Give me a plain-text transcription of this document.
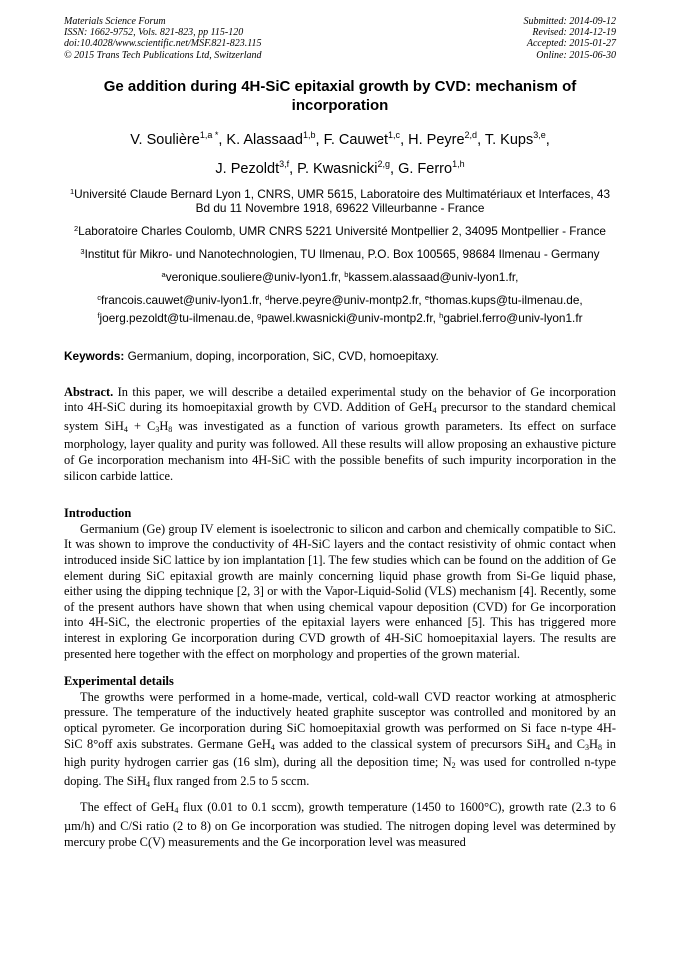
Materials Science Forum
ISSN: 1662-9752, Vols. 821-823, pp 115-120
doi:10.4028/www.scientific.net/MSF.821-823.115
© 2015 Trans Tech Publications Ltd, Switzerland
Submitted: 2014-09-12
Revised: 2014-12-19
Accepted: 2015-01-27
Online: 2015-06-30
Ge addition during 4H-SiC epitaxial growth by CVD: mechanism of incorporation
V. Soulière$^{1,a *}$, K. Alassaad$^{1,b}$, F. Cauwet$^{1,c}$, H. Peyre$^{2,d}$, T. Kups$^{3,e}$,
J. Pezoldt$^{3,f}$, P. Kwasnicki$^{2,g}$, G. Ferro$^{1,h}$
$^1$Université Claude Bernard Lyon 1, CNRS, UMR 5615, Laboratoire des Multimatériaux et Interfaces, 43 Bd du 11 Novembre 1918, 69622 Villeurbanne - France
$^2$Laboratoire Charles Coulomb, UMR CNRS 5221 Université Montpellier 2, 34095 Montpellier - France
$^3$Institut für Mikro- und Nanotechnologien, TU Ilmenau, P.O. Box 100565, 98684 Ilmenau - Germany
$^a$veronique.souliere@univ-lyon1.fr, $^b$kassem.alassaad@univ-lyon1.fr,
$^c$francois.cauwet@univ-lyon1.fr, $^d$herve.peyre@univ-montp2.fr, $^e$thomas.kups@tu-ilmenau.de,
$^f$joerg.pezoldt@tu-ilmenau.de, $^g$pawel.kwasnicki@univ-montp2.fr, $^h$gabriel.ferro@univ-lyon1.fr
Keywords: Germanium, doping, incorporation, SiC, CVD, homoepitaxy.
Abstract. In this paper, we will describe a detailed experimental study on the behavior of Ge incorporation into 4H-SiC during its homoepitaxial growth by CVD. Addition of GeH$_4$ precursor to the standard chemical system $SiH_4 + C_3H_8$ was investigated as a function of various growth parameters. Its effect on surface morphology, layer quality and purity was followed. All these results will allow proposing an exhaustive picture of Ge incorporation mechanism into 4H-SiC with the possible benefits of such impurity incorporation in the silicon carbide lattice.
Introduction

Germanium (Ge) group IV element is isoelectronic to silicon and carbon and chemically compatible to SiC. It was shown to improve the conductivity of 4H-SiC layers and the contact resistivity of ohmic contact when introduced inside SiC lattice by ion implantation [1]. The few studies which can be found on the addition of Ge element during SiC epitaxial growth are mainly concerning liquid phase growth from Si-Ge liquid phase, either using the dipping technique [2, 3] or with the Vapor-Liquid-Solid (VLS) mechanism [4]. Recently, some of the present authors have shown that when using chemical vapour deposition (CVD) for Ge incorporation into 4H-SiC, the electronic properties of the epitaxial layers were enhanced [5]. This has triggered more interest in exploring Ge incorporation during CVD growth of 4H-SiC homoepitaxial layers. The results are presented here together with the effect on morphology and properties of the grown material.

Experimental details

The growths were performed in a home-made, vertical, cold-wall CVD reactor working at atmospheric pressure. The temperature of the inductively heated graphite susceptor was controlled and monitored by an optical pyrometer. Ge incorporation during SiC homoepitaxial growth was performed on Si face n-type 4H-SiC 8°off axis substrates. Germane GeH$_4$ was added to the classical system of precursors SiH$_4$ and $C_3H_8$ in high purity hydrogen carrier gas (16 slm), during all the deposition time; $N_2$ was used for controlled n-type doping. The SiH$_4$ flux ranged from 2.5 to 5 sccm.

The effect of GeH$_4$ flux (0.01 to 0.1 sccm), growth temperature (1450 to 1600°C), growth rate (2.3 to 6 µm/h) and C/Si ratio (2 to 8) on Ge incorporation was studied. The nitrogen doping level was determined by mercury probe C(V) measurements and the Ge incorporation level was measured
